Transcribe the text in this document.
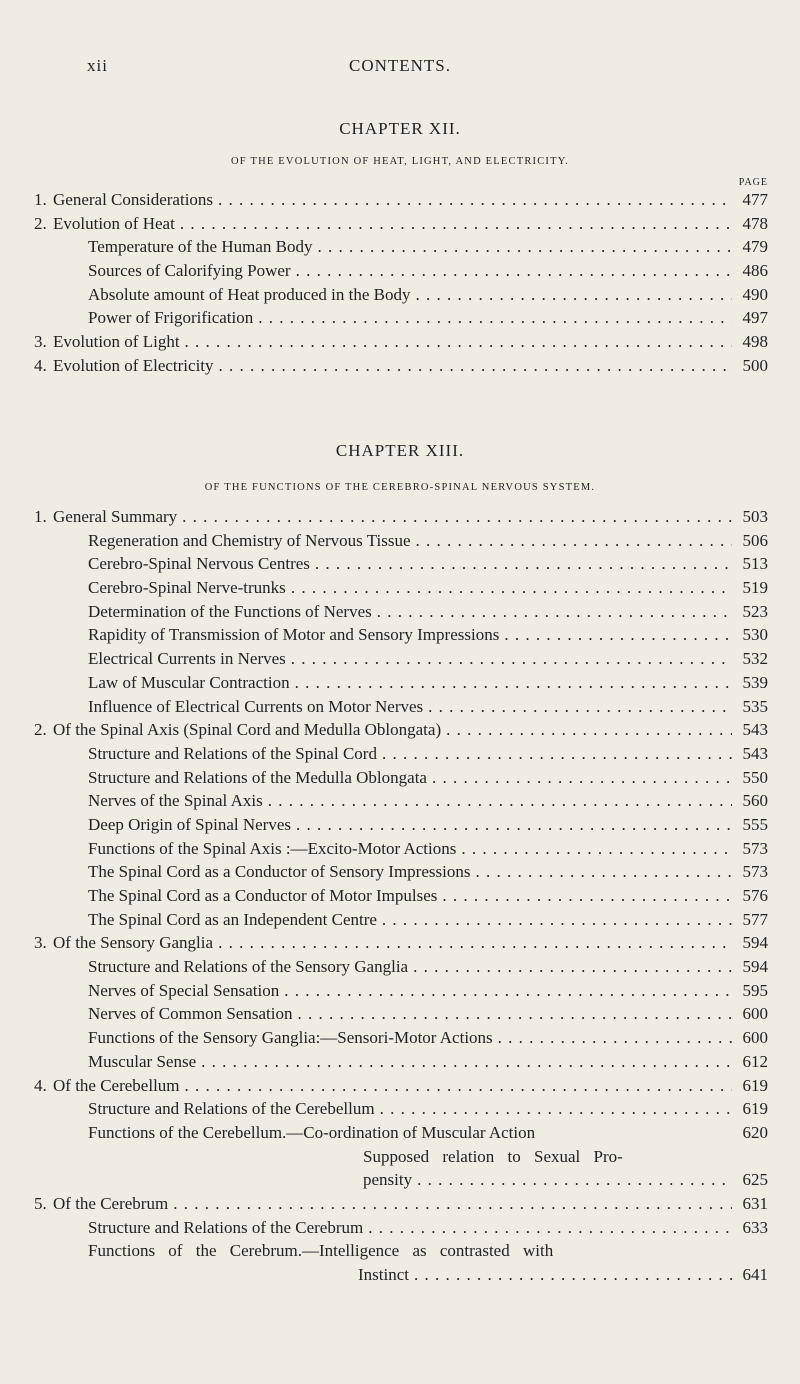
xii	CONTENTS.
CHAPTER XII.
OF THE EVOLUTION OF HEAT, LIGHT, AND ELECTRICITY.
PAGE
1. General Considerations . . .	477
2. Evolution of Heat . . .	478
Temperature of the Human Body . . .	479
Sources of Calorifying Power . . .	486
Absolute amount of Heat produced in the Body . . .	490
Power of Frigorification . . .	497
3. Evolution of Light . . .	498
4. Evolution of Electricity . . .	500
CHAPTER XIII.
OF THE FUNCTIONS OF THE CEREBRO-SPINAL NERVOUS SYSTEM.
1. General Summary . . .	503
Regeneration and Chemistry of Nervous Tissue . . .	506
Cerebro-Spinal Nervous Centres . . .	513
Cerebro-Spinal Nerve-trunks . . .	519
Determination of the Functions of Nerves . . .	523
Rapidity of Transmission of Motor and Sensory Impressions . . .	530
Electrical Currents in Nerves . . .	532
Law of Muscular Contraction . . .	539
Influence of Electrical Currents on Motor Nerves . . .	535
2. Of the Spinal Axis (Spinal Cord and Medulla Oblongata) . . .	543
Structure and Relations of the Spinal Cord . . .	543
Structure and Relations of the Medulla Oblongata . . .	550
Nerves of the Spinal Axis . . .	560
Deep Origin of Spinal Nerves . . .	555
Functions of the Spinal Axis :—Excito-Motor Actions . . .	573
The Spinal Cord as a Conductor of Sensory Impressions . . .	573
The Spinal Cord as a Conductor of Motor Impulses . . .	576
The Spinal Cord as an Independent Centre . . .	577
3. Of the Sensory Ganglia . . .	594
Structure and Relations of the Sensory Ganglia . . .	594
Nerves of Special Sensation . . .	595
Nerves of Common Sensation . . .	600
Functions of the Sensory Ganglia:—Sensori-Motor Actions . . .	600
Muscular Sense . . .	612
4. Of the Cerebellum . . .	619
Structure and Relations of the Cerebellum . . .	619
Functions of the Cerebellum.—Co-ordination of Muscular Action	620
Supposed relation to Sexual Pro-
pensity . . .	625
5. Of the Cerebrum . . .	631
Structure and Relations of the Cerebrum . . .	633
Functions of the Cerebrum.—Intelligence as contrasted with
Instinct . . .	641
